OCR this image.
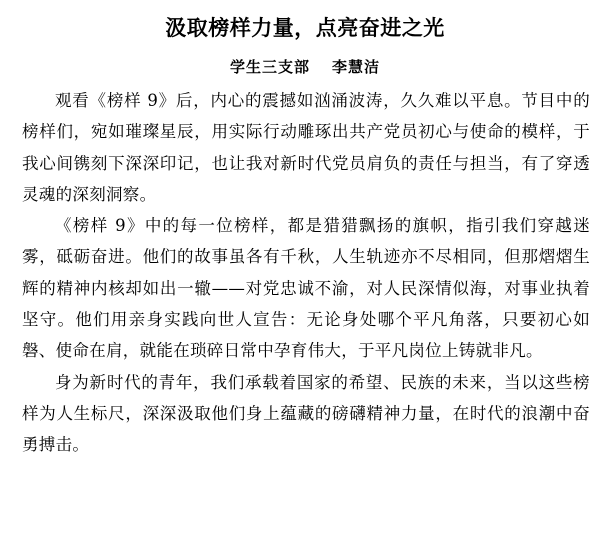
汲取榜样力量，点亮奋进之光
学生三支部 李慧洁

观看《榜样 9》后，内心的震撼如汹涌波涛，久久难以平息。节目中的榜样们，宛如璀璨星辰，用实际行动雕琢出共产党员初心与使命的模样，于我心间镌刻下深深印记，也让我对新时代党员肩负的责任与担当，有了穿透灵魂的深刻洞察。

《榜样 9》中的每一位榜样，都是猎猎飘扬的旗帜，指引我们穿越迷雾，砥砺奋进。他们的故事虽各有千秋，人生轨迹亦不尽相同，但那熠熠生辉的精神内核却如出一辙——对党忠诚不渝，对人民深情似海，对事业执着坚守。他们用亲身实践向世人宣告：无论身处哪个平凡角落，只要初心如磐、使命在肩，就能在琐碎日常中孕育伟大，于平凡岗位上铸就非凡。

身为新时代的青年，我们承载着国家的希望、民族的未来，当以这些榜样为人生标尺，深深汲取他们身上蕴藏的磅礴精神力量，在时代的浪潮中奋勇搏击。
